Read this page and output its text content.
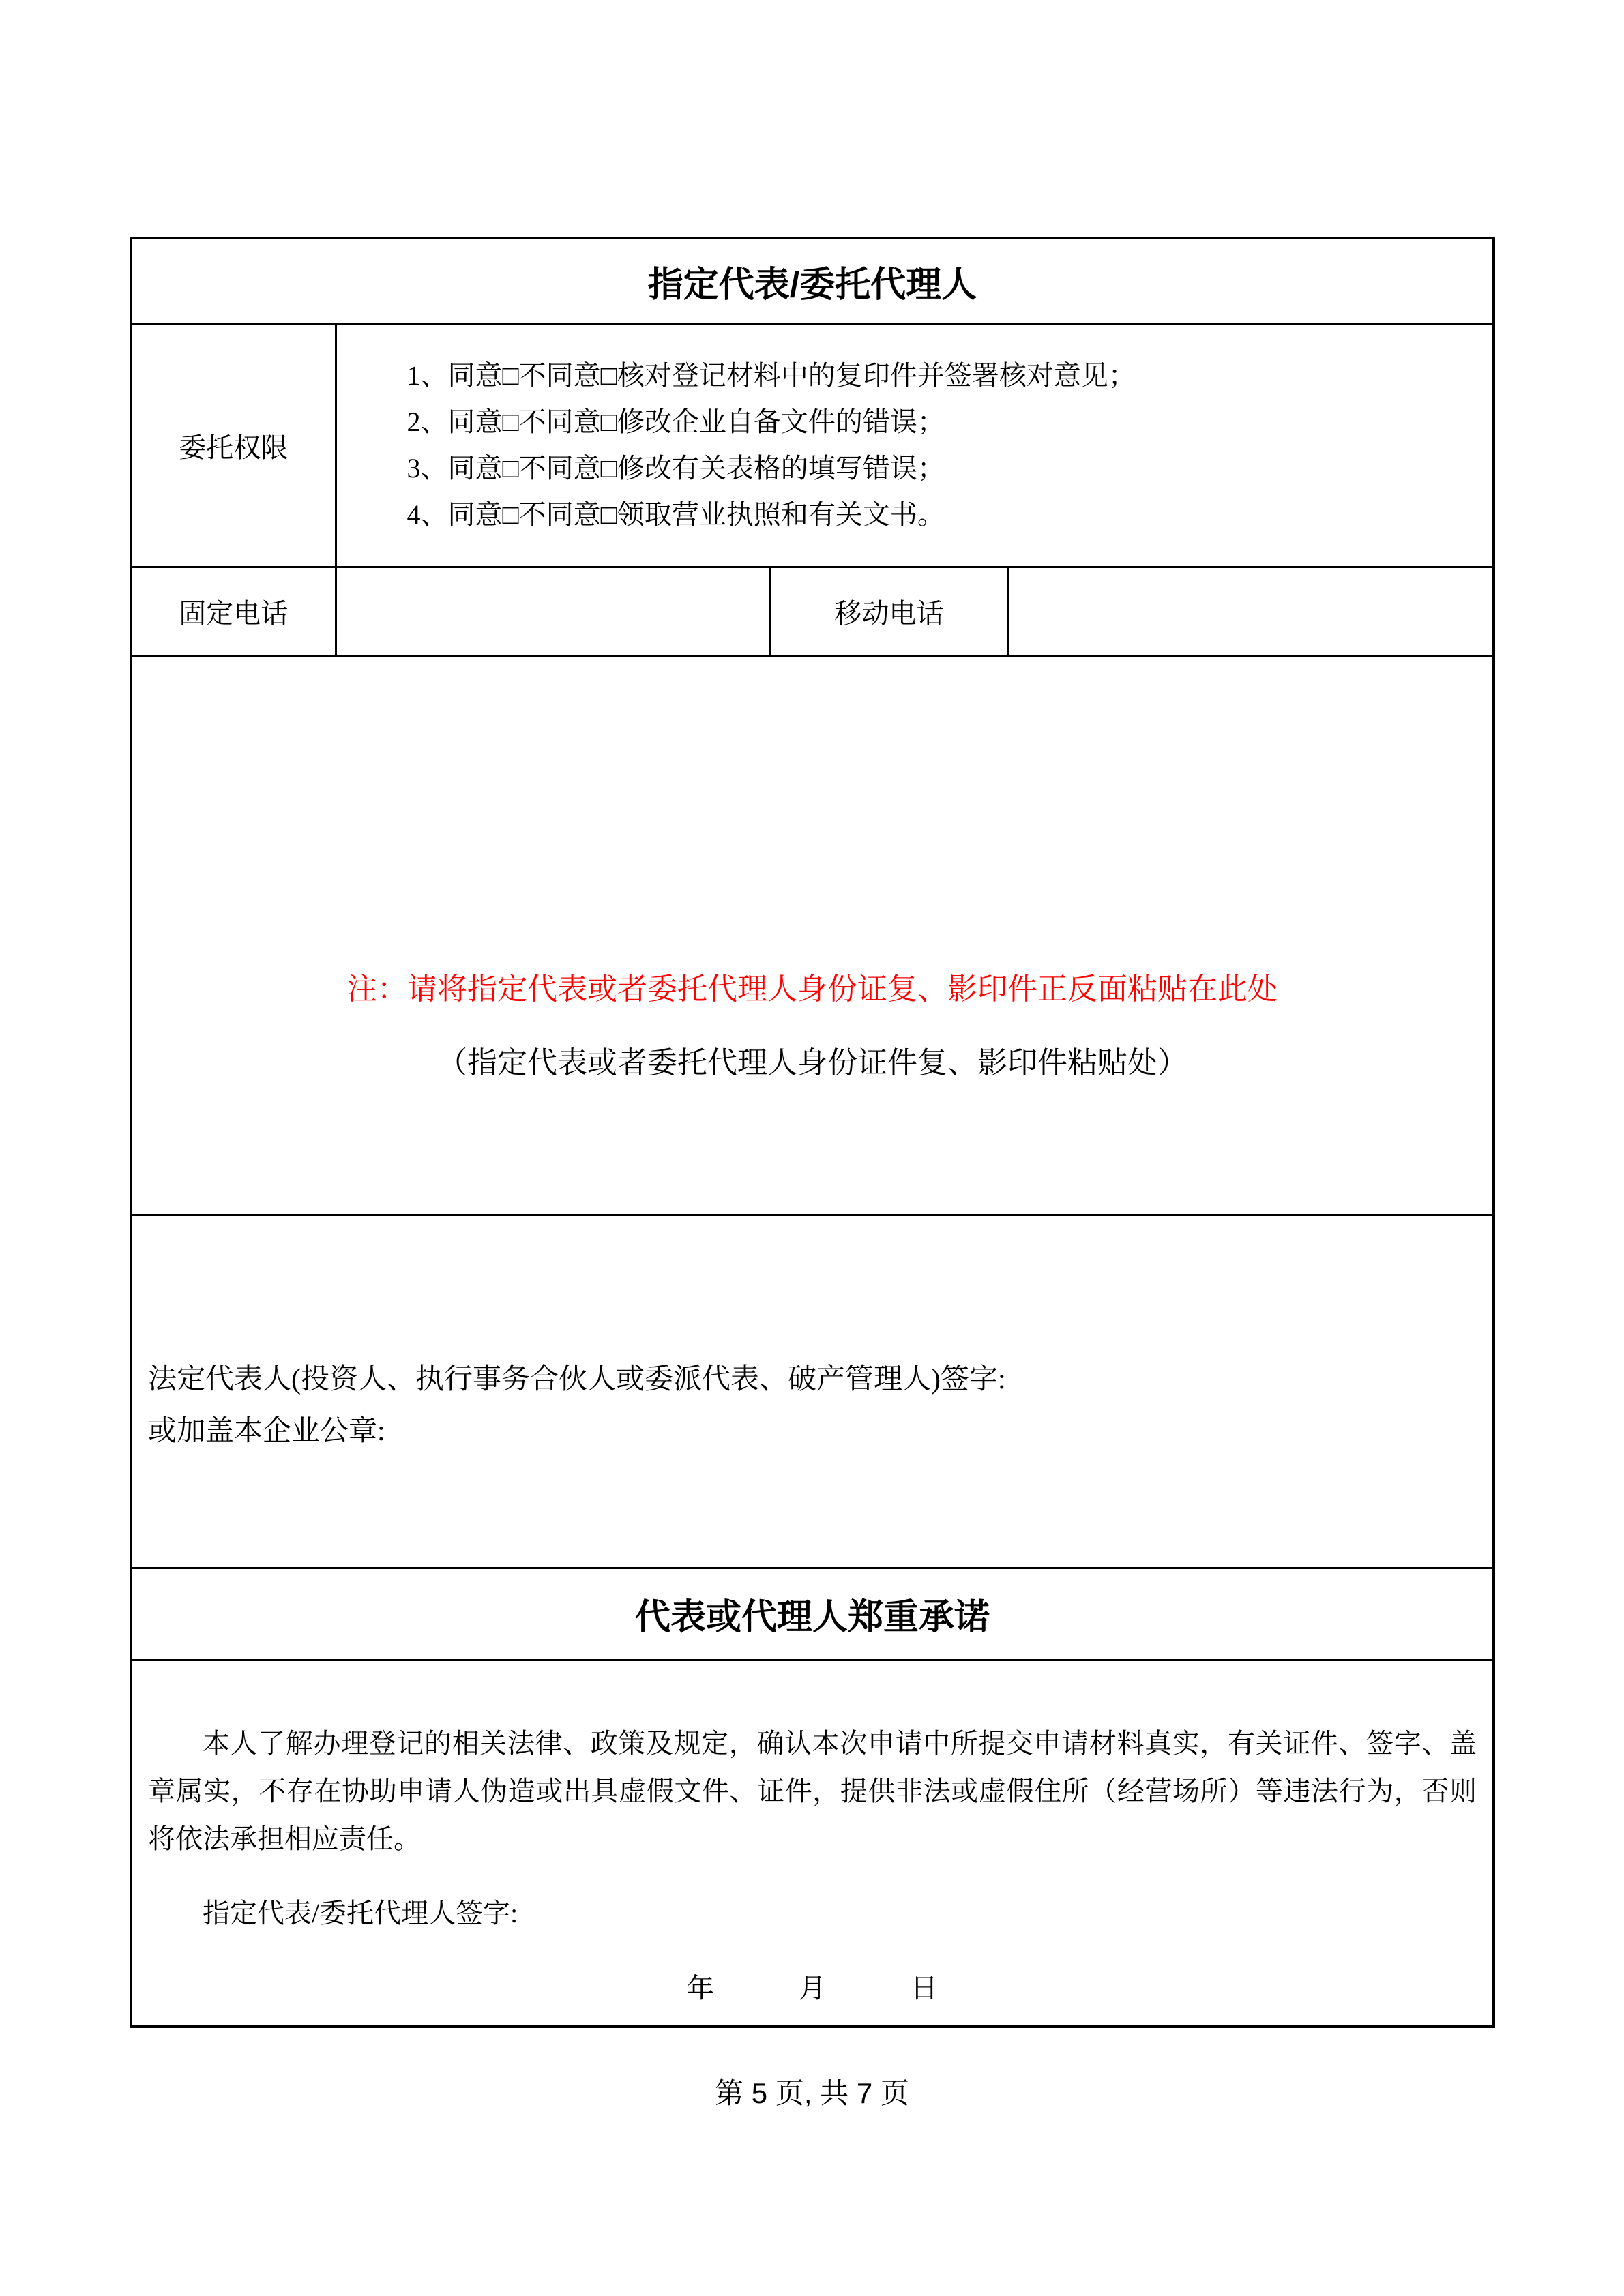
指定代表/委托代理人			
委托权限	1、同意□不同意□核对登记材料中的复印件并签署核对意见；
2、同意□不同意□修改企业自备文件的错误；
3、同意□不同意□修改有关表格的填写错误；
4、同意□不同意□领取营业执照和有关文书。		

固定电话		移动电话	

注：请将指定代表或者委托代理人身份证复、影印件正反面粘贴在此处
（指定代表或者委托代理人身份证件复、影印件粘贴处）			

法定代表人(投资人、执行事务合伙人或委派代表、破产管理人)签字:
或加盖本企业公章:			

代表或代理人郑重承诺			

本人了解办理登记的相关法律、政策及规定，确认本次申请中所提交申请材料真实，有关证件、签字、盖章属实，不存在协助申请人伪造或出具虚假文件、证件，提供非法或虚假住所（经营场所）等违法行为，否则将依法承担相应责任。
指定代表/委托代理人签字:
年 月 日			
第 5 页, 共 7 页
